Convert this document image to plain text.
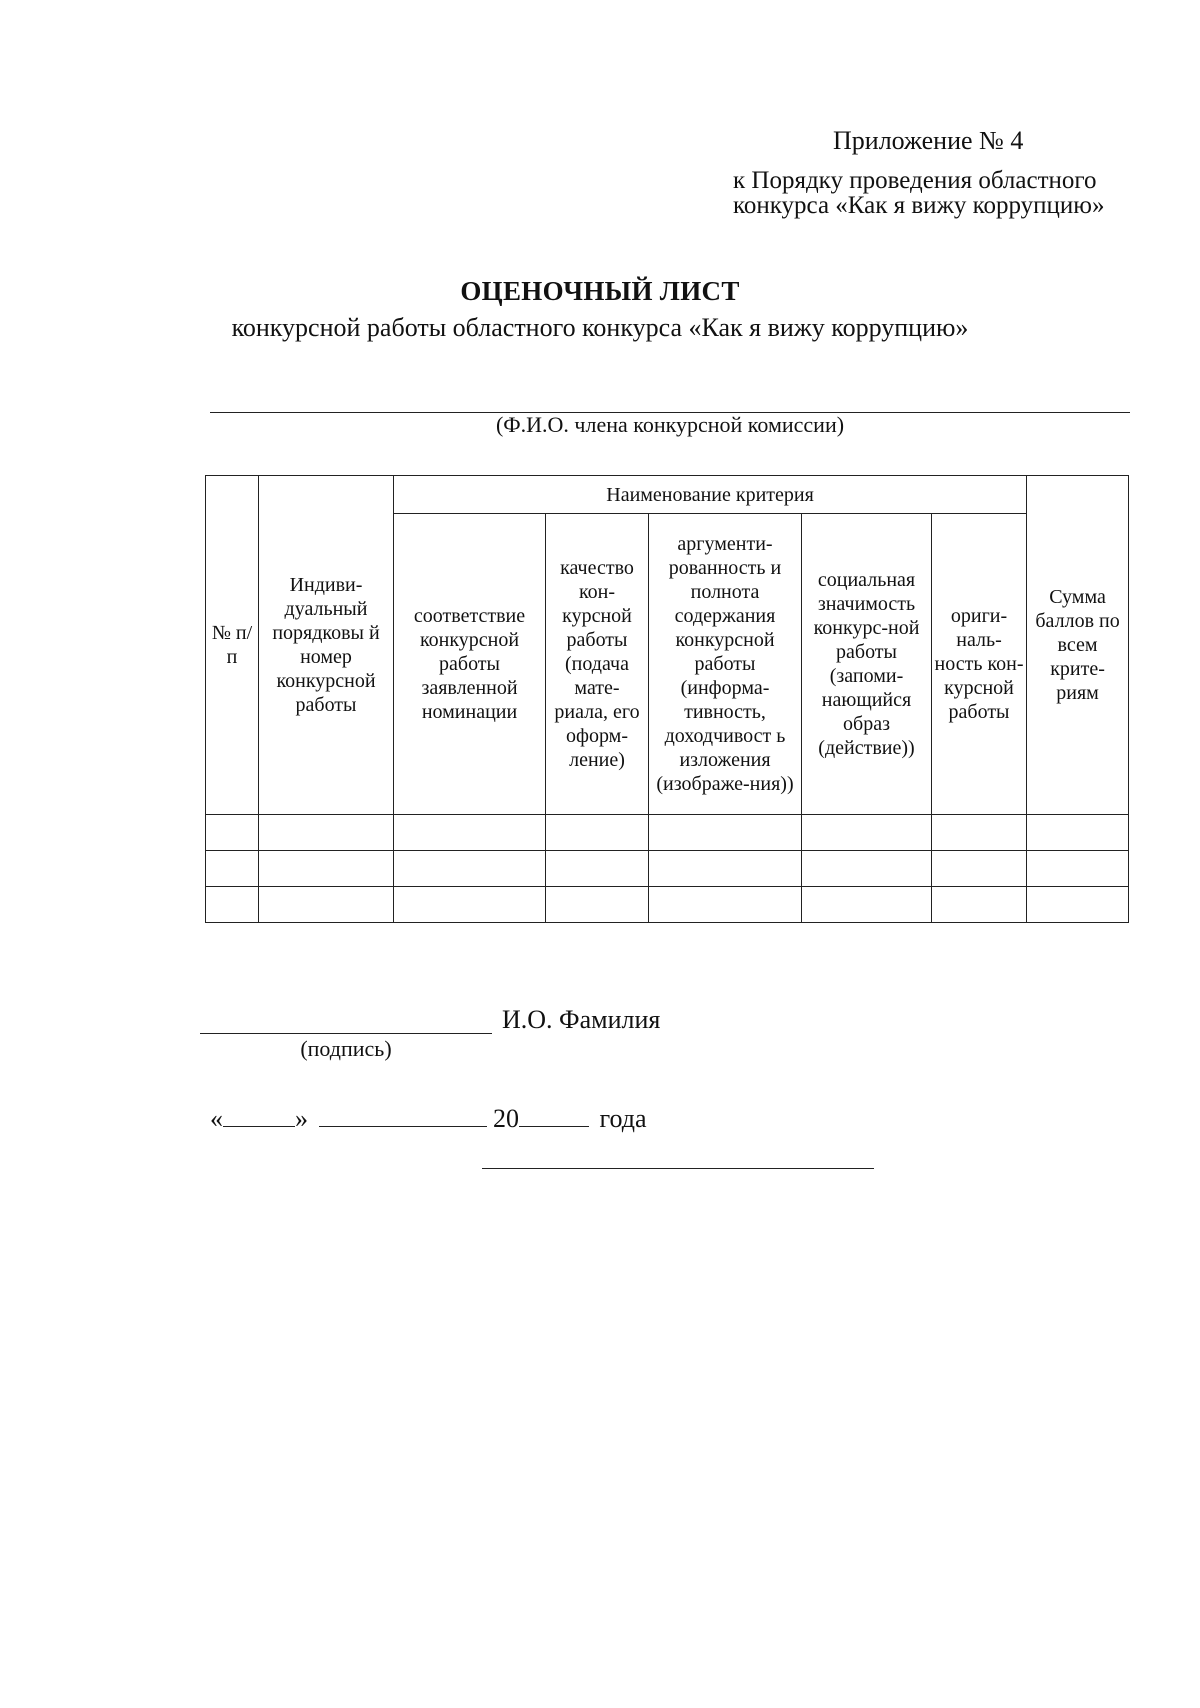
Приложение № 4
к Порядку проведения областного
конкурса «Как я вижу коррупцию»
ОЦЕНОЧНЫЙ ЛИСТ
конкурсной работы областного конкурса «Как я вижу коррупцию»
(Ф.И.О. члена конкурсной комиссии)
№ п/п	Индиви-дуальный порядковы й номер конкурсной работы	Наименование критерия					Сумма баллов по всем крите-риям
		соответствие конкурсной работы заявленной номинации	качество кон-курсной работы (подача мате-риала, его оформ-ление)	аргументи-рованность и полнота содержания конкурсной работы (информа-тивность, доходчивост ь изложения (изображе-ния))	социальная значимость конкурс-ной работы (запоми-нающийся образ (действие))	ориги-наль-ность кон-курсной работы	

И.О. Фамилия
(подпись)
«	»	20	года
